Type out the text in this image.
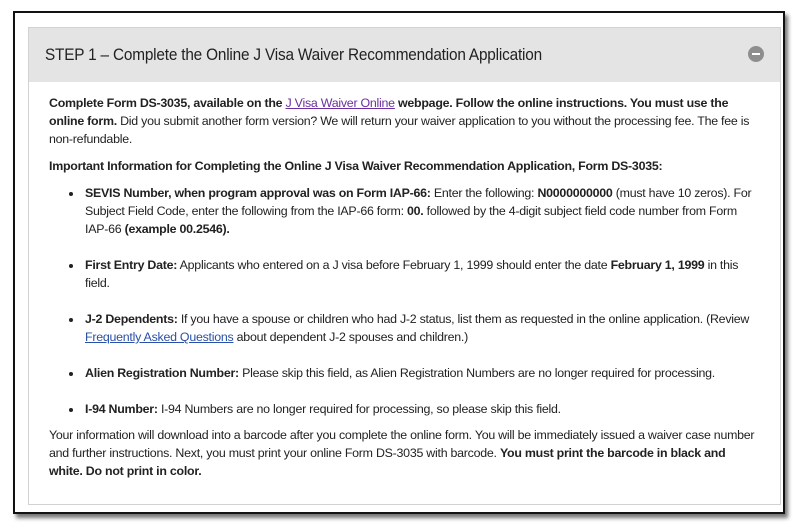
STEP 1 – Complete the Online J Visa Waiver Recommendation Application

Complete Form DS-3035, available on the J Visa Waiver Online webpage. Follow the online instructions. You must use the online form. Did you submit another form version? We will return your waiver application to you without the processing fee. The fee is non-refundable.

Important Information for Completing the Online J Visa Waiver Recommendation Application, Form DS-3035:

• SEVIS Number, when program approval was on Form IAP-66: Enter the following: N0000000000 (must have 10 zeros). For Subject Field Code, enter the following from the IAP-66 form: 00. followed by the 4-digit subject field code number from Form IAP-66 (example 00.2546).
• First Entry Date: Applicants who entered on a J visa before February 1, 1999 should enter the date February 1, 1999 in this field.
• J-2 Dependents: If you have a spouse or children who had J-2 status, list them as requested in the online application. (Review Frequently Asked Questions about dependent J-2 spouses and children.)
• Alien Registration Number: Please skip this field, as Alien Registration Numbers are no longer required for processing.
• I-94 Number: I-94 Numbers are no longer required for processing, so please skip this field.

Your information will download into a barcode after you complete the online form. You will be immediately issued a waiver case number and further instructions. Next, you must print your online Form DS-3035 with barcode. You must print the barcode in black and white. Do not print in color.
